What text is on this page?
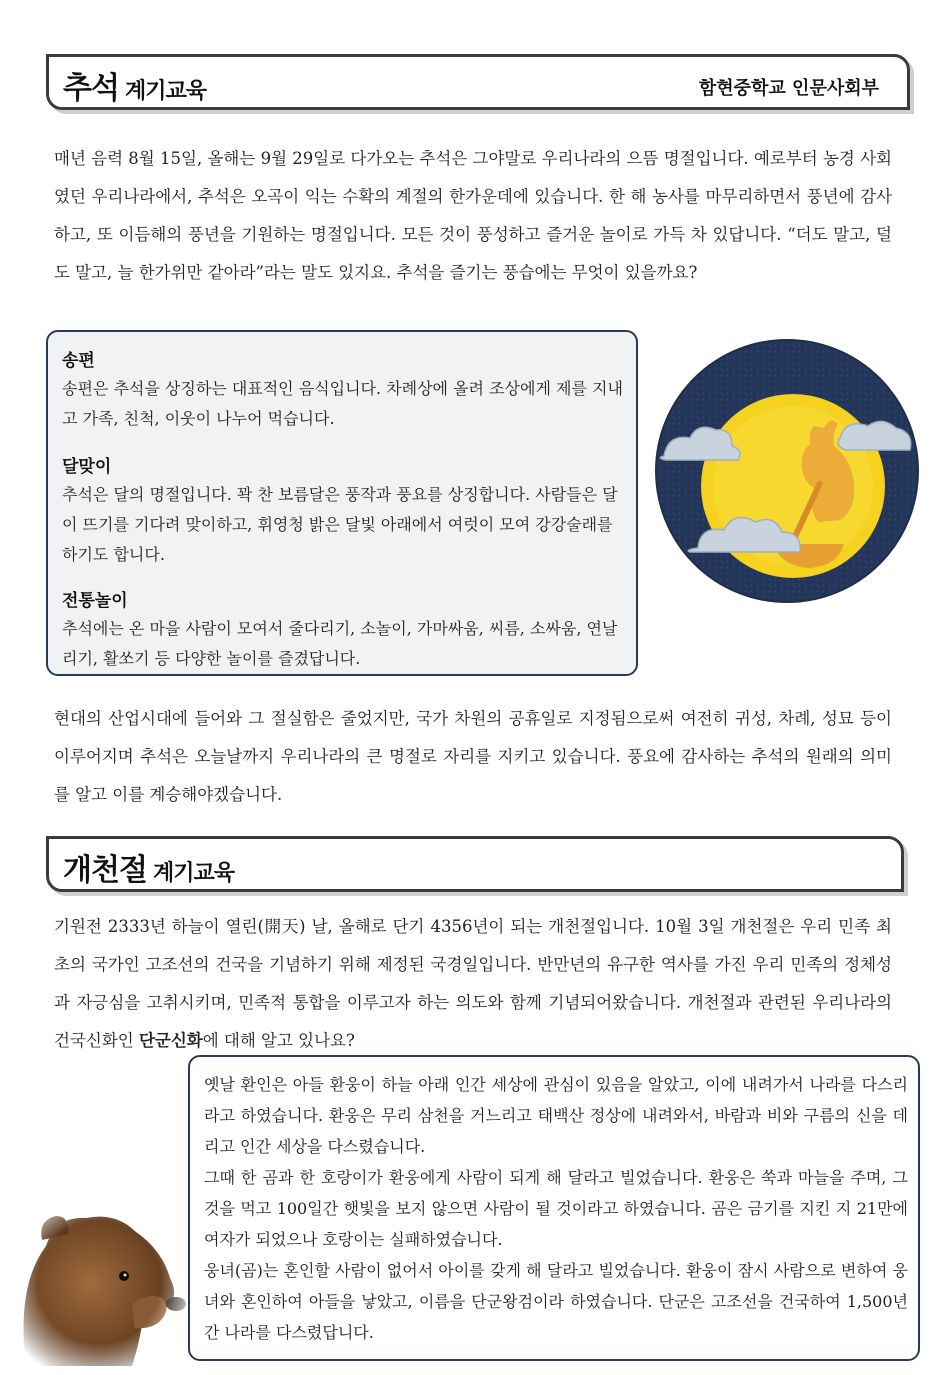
추석 계기교육	함현중학교 인문사회부

매년 음력 8월 15일, 올해는 9월 29일로 다가오는 추석은 그야말로 우리나라의 으뜸 명절입니다. 예로부터 농경 사회였던 우리나라에서, 추석은 오곡이 익는 수확의 계절의 한가운데에 있습니다. 한 해 농사를 마무리하면서 풍년에 감사하고, 또 이듬해의 풍년을 기원하는 명절입니다. 모든 것이 풍성하고 즐거운 놀이로 가득 차 있답니다. “더도 말고, 덜도 말고, 늘 한가위만 같아라”라는 말도 있지요. 추석을 즐기는 풍습에는 무엇이 있을까요?

송편

송편은 추석을 상징하는 대표적인 음식입니다. 차례상에 올려 조상에게 제를 지내고 가족, 친척, 이웃이 나누어 먹습니다.

달맞이

추석은 달의 명절입니다. 꽉 찬 보름달은 풍작과 풍요를 상징합니다. 사람들은 달이 뜨기를 기다려 맞이하고, 휘영청 밝은 달빛 아래에서 여럿이 모여 강강술래를 하기도 합니다.

전통놀이

추석에는 온 마을 사람이 모여서 줄다리기, 소놀이, 가마싸움, 씨름, 소싸움, 연날리기, 활쏘기 등 다양한 놀이를 즐겼답니다.

현대의 산업시대에 들어와 그 절실함은 줄었지만, 국가 차원의 공휴일로 지정됨으로써 여전히 귀성, 차례, 성묘 등이 이루어지며 추석은 오늘날까지 우리나라의 큰 명절로 자리를 지키고 있습니다. 풍요에 감사하는 추석의 원래의 의미를 알고 이를 계승해야겠습니다.

개천절 계기교육

기원전 2333년 하늘이 열린(開天) 날, 올해로 단기 4356년이 되는 개천절입니다. 10월 3일 개천절은 우리 민족 최초의 국가인 고조선의 건국을 기념하기 위해 제정된 국경일입니다. 반만년의 유구한 역사를 가진 우리 민족의 정체성과 자긍심을 고취시키며, 민족적 통합을 이루고자 하는 의도와 함께 기념되어왔습니다. 개천절과 관련된 우리나라의 건국신화인 단군신화에 대해 알고 있나요?

옛날 환인은 아들 환웅이 하늘 아래 인간 세상에 관심이 있음을 알았고, 이에 내려가서 나라를 다스리라고 하였습니다. 환웅은 무리 삼천을 거느리고 태백산 정상에 내려와서, 바람과 비와 구름의 신을 데리고 인간 세상을 다스렸습니다.
그때 한 곰과 한 호랑이가 환웅에게 사람이 되게 해 달라고 빌었습니다. 환웅은 쑥과 마늘을 주며, 그것을 먹고 100일간 햇빛을 보지 않으면 사람이 될 것이라고 하였습니다. 곰은 금기를 지킨 지 21만에 여자가 되었으나 호랑이는 실패하였습니다.
웅녀(곰)는 혼인할 사람이 없어서 아이를 갖게 해 달라고 빌었습니다. 환웅이 잠시 사람으로 변하여 웅녀와 혼인하여 아들을 낳았고, 이름을 단군왕검이라 하였습니다. 단군은 고조선을 건국하여 1,500년간 나라를 다스렸답니다.
